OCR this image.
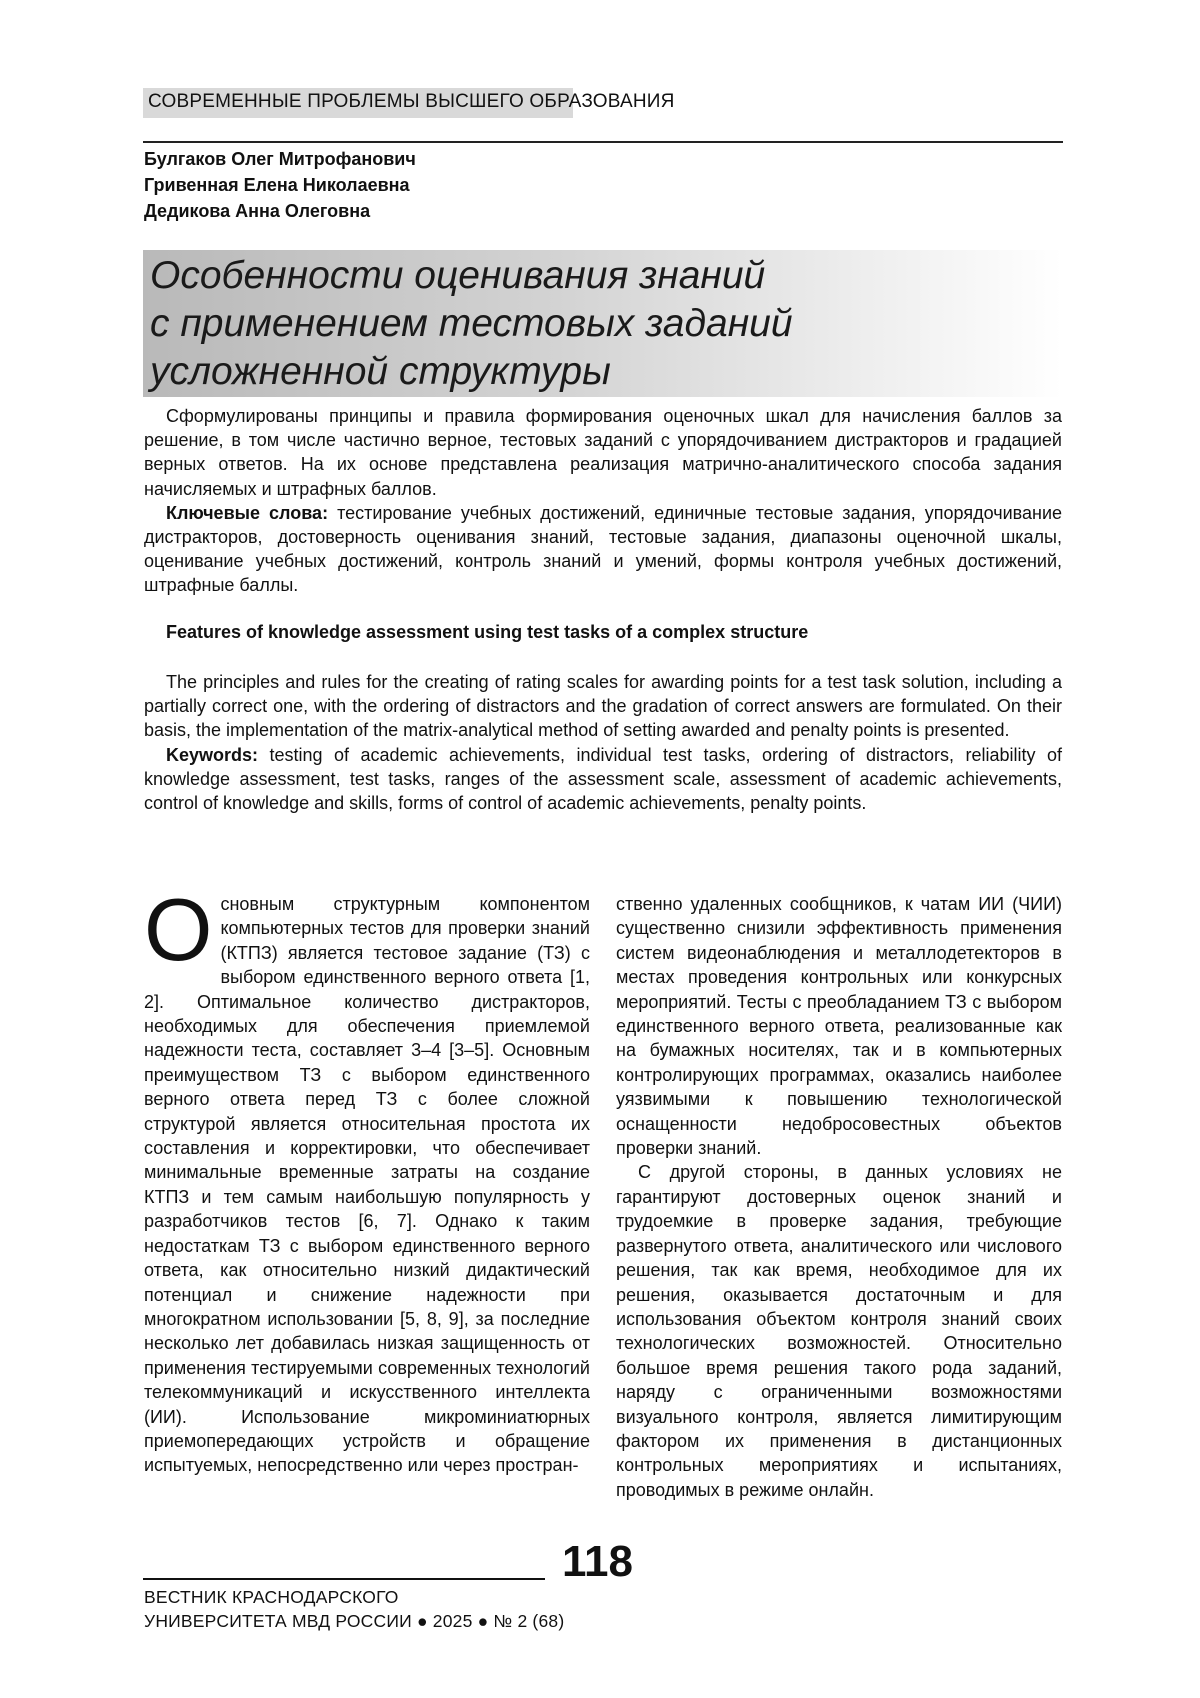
СОВРЕМЕННЫЕ ПРОБЛЕМЫ ВЫСШЕГО ОБРАЗОВАНИЯ
Булгаков Олег Митрофанович
Гривенная Елена Николаевна
Дедикова Анна Олеговна
Особенности оценивания знаний
с применением тестовых заданий
усложненной структуры

Сформулированы принципы и правила формирования оценочных шкал для начисления баллов за решение, в том числе частично верное, тестовых заданий с упорядочиванием дистракторов и градацией верных ответов. На их основе представлена реализация матрично-аналитического способа задания начисляемых и штрафных баллов.

Ключевые слова: тестирование учебных достижений, единичные тестовые задания, упорядочивание дистракторов, достоверность оценивания знаний, тестовые задания, диапазоны оценочной шкалы, оценивание учебных достижений, контроль знаний и умений, формы контроля учебных достижений, штрафные баллы.

Features of knowledge assessment using test tasks of a complex structure

The principles and rules for the creating of rating scales for awarding points for a test task solution, including a partially correct one, with the ordering of distractors and the gradation of correct answers are formulated. On their basis, the implementation of the matrix-analytical method of setting awarded and penalty points is presented.

Keywords: testing of academic achievements, individual test tasks, ordering of distractors, reliability of knowledge assessment, test tasks, ranges of the assessment scale, assessment of academic achievements, control of knowledge and skills, forms of control of academic achievements, penalty points.

Основным структурным компонентом компьютерных тестов для проверки знаний (КТПЗ) является тестовое задание (ТЗ) с выбором единственного верного ответа [1, 2]. Оптимальное количество дистракторов, необходимых для обеспечения приемлемой надежности теста, составляет 3–4 [3–5]. Основным преимуществом ТЗ с выбором единственного верного ответа перед ТЗ с более сложной структурой является относительная простота их составления и корректировки, что обеспечивает минимальные временные затраты на создание КТПЗ и тем самым наибольшую популярность у разработчиков тестов [6, 7]. Однако к таким недостаткам ТЗ с выбором единственного верного ответа, как относительно низкий дидактический потенциал и снижение надежности при многократном использовании [5, 8, 9], за последние несколько лет добавилась низкая защищенность от применения тестируемыми современных технологий телекоммуникаций и искусственного интеллекта (ИИ). Использование микроминиатюрных приемопередающих устройств и обращение испытуемых, непосредственно или через простран-

ственно удаленных сообщников, к чатам ИИ (ЧИИ) существенно снизили эффективность применения систем видеонаблюдения и металлодетекторов в местах проведения контрольных или конкурсных мероприятий. Тесты с преобладанием ТЗ с выбором единственного верного ответа, реализованные как на бумажных носителях, так и в компьютерных контролирующих программах, оказались наиболее уязвимыми к повышению технологической оснащенности недобросовестных объектов проверки знаний.

С другой стороны, в данных условиях не гарантируют достоверных оценок знаний и трудоемкие в проверке задания, требующие развернутого ответа, аналитического или числового решения, так как время, необходимое для их решения, оказывается достаточным и для использования объектом контроля знаний своих технологических возможностей. Относительно большое время решения такого рода заданий, наряду с ограниченными возможностями визуального контроля, является лимитирующим фактором их применения в дистанционных контрольных мероприятиях и испытаниях, проводимых в режиме онлайн.

118
ВЕСТНИК КРАСНОДАРСКОГО
УНИВЕРСИТЕТА МВД РОССИИ ● 2025 ● № 2 (68)
